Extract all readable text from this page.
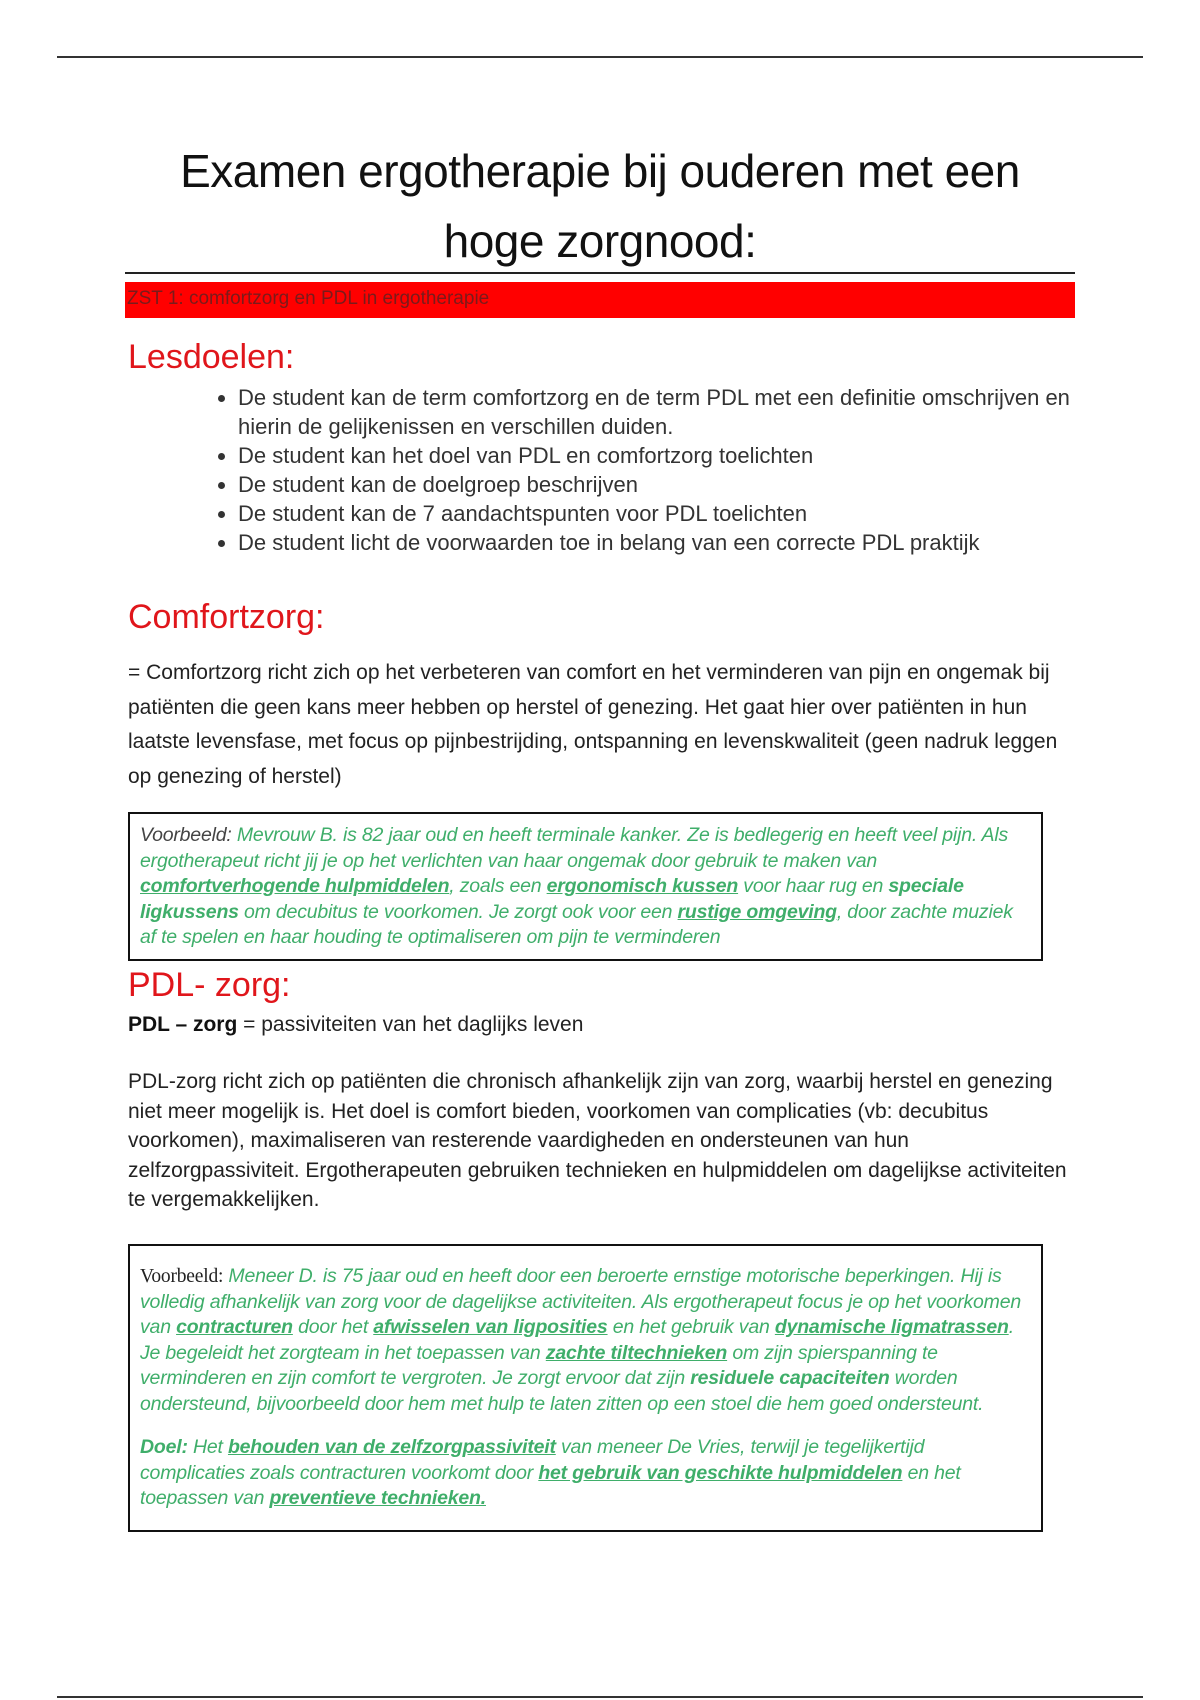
Examen ergotherapie bij ouderen met een
hoge zorgnood:
ZST 1: comfortzorg en PDL in ergotherapie
Lesdoelen:
• De student kan de term comfortzorg en de term PDL met een definitie omschrijven en hierin de gelijkenissen en verschillen duiden.
• De student kan het doel van PDL en comfortzorg toelichten
• De student kan de doelgroep beschrijven
• De student kan de 7 aandachtspunten voor PDL toelichten
• De student licht de voorwaarden toe in belang van een correcte PDL praktijk
Comfortzorg:
= Comfortzorg richt zich op het verbeteren van comfort en het verminderen van pijn en ongemak bij patiënten die geen kans meer hebben op herstel of genezing. Het gaat hier over patiënten in hun laatste levensfase, met focus op pijnbestrijding, ontspanning en levenskwaliteit (geen nadruk leggen op genezing of herstel)
Voorbeeld: Mevrouw B. is 82 jaar oud en heeft terminale kanker. Ze is bedlegerig en heeft veel pijn. Als ergotherapeut richt jij je op het verlichten van haar ongemak door gebruik te maken van comfortverhogende hulpmiddelen, zoals een ergonomisch kussen voor haar rug en speciale ligkussens om decubitus te voorkomen. Je zorgt ook voor een rustige omgeving, door zachte muziek af te spelen en haar houding te optimaliseren om pijn te verminderen
PDL- zorg:
PDL – zorg = passiviteiten van het daglijks leven
PDL-zorg richt zich op patiënten die chronisch afhankelijk zijn van zorg, waarbij herstel en genezing niet meer mogelijk is. Het doel is comfort bieden, voorkomen van complicaties (vb: decubitus voorkomen), maximaliseren van resterende vaardigheden en ondersteunen van hun zelfzorgpassiviteit. Ergotherapeuten gebruiken technieken en hulpmiddelen om dagelijkse activiteiten te vergemakkelijken.
Voorbeeld: Meneer D. is 75 jaar oud en heeft door een beroerte ernstige motorische beperkingen. Hij is volledig afhankelijk van zorg voor de dagelijkse activiteiten. Als ergotherapeut focus je op het voorkomen van contracturen door het afwisselen van ligposities en het gebruik van dynamische ligmatrassen. Je begeleidt het zorgteam in het toepassen van zachte tiltechnieken om zijn spierspanning te verminderen en zijn comfort te vergroten. Je zorgt ervoor dat zijn residuele capaciteiten worden ondersteund, bijvoorbeeld door hem met hulp te laten zitten op een stoel die hem goed ondersteunt.
Doel: Het behouden van de zelfzorgpassiviteit van meneer De Vries, terwijl je tegelijkertijd complicaties zoals contracturen voorkomt door het gebruik van geschikte hulpmiddelen en het toepassen van preventieve technieken.
